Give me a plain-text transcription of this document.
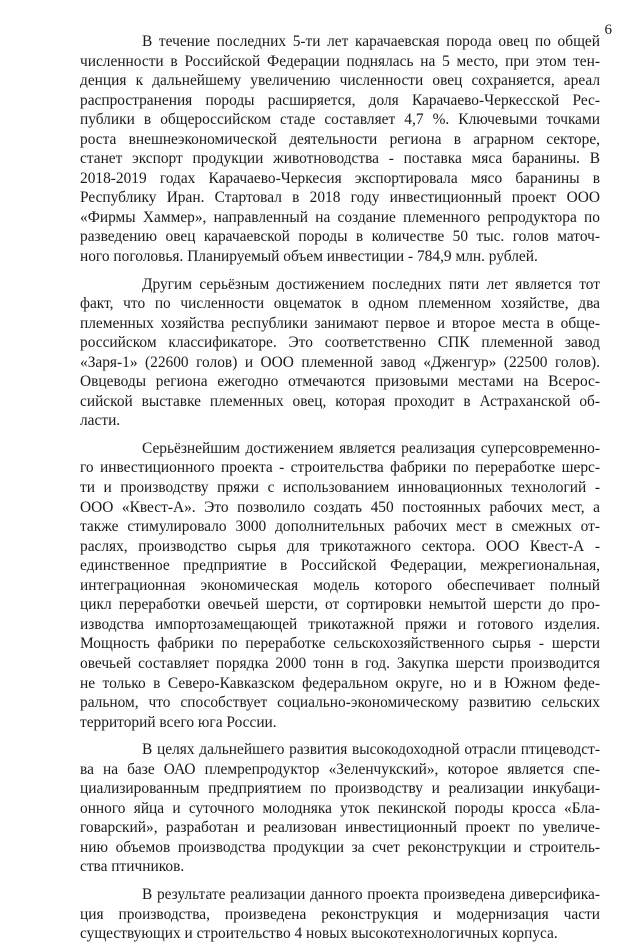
6
В течение последних 5-ти лет карачаевская порода овец по общей
численности в Российской Федерации поднялась на 5 место, при этом тен-
денция к дальнейшему увеличению численности овец сохраняется, ареал
распространения породы расширяется, доля Карачаево-Черкесской Рес-
публики в общероссийском стаде составляет 4,7 %. Ключевыми точками
роста внешнеэкономической деятельности региона в аграрном секторе,
станет экспорт продукции животноводства - поставка мяса баранины. В
2018-2019 годах Карачаево-Черкесия экспортировала мясо баранины в
Республику Иран. Стартовал в 2018 году инвестиционный проект ООО
«Фирмы Хаммер», направленный на создание племенного репродуктора по
разведению овец карачаевской породы в количестве 50 тыс. голов маточ-
ного поголовья. Планируемый объем инвестиции - 784,9 млн. рублей.
Другим серьёзным достижением последних пяти лет является тот
факт, что по численности овцематок в одном племенном хозяйстве, два
племенных хозяйства республики занимают первое и второе места в обще-
российском классификаторе. Это соответственно СПК племенной завод
«Заря-1» (22600 голов) и ООО племенной завод «Дженгур» (22500 голов).
Овцеводы региона ежегодно отмечаются призовыми местами на Всерос-
сийской выставке племенных овец, которая проходит в Астраханской об-
ласти.
Серьёзнейшим достижением является реализация суперсовременно-
го инвестиционного проекта - строительства фабрики по переработке шерс-
ти и производству пряжи с использованием инновационных технологий -
ООО «Квест-А». Это позволило создать 450 постоянных рабочих мест, а
также стимулировало 3000 дополнительных рабочих мест в смежных от-
раслях, производство сырья для трикотажного сектора. ООО Квест-А -
единственное предприятие в Российской Федерации, межрегиональная,
интеграционная экономическая модель которого обеспечивает полный
цикл переработки овечьей шерсти, от сортировки немытой шерсти до про-
изводства импортозамещающей трикотажной пряжи и готового изделия.
Мощность фабрики по переработке сельскохозяйственного сырья - шерсти
овечьей составляет порядка 2000 тонн в год. Закупка шерсти производится
не только в Северо-Кавказском федеральном округе, но и в Южном феде-
ральном, что способствует социально-экономическому развитию сельских
территорий всего юга России.
В целях дальнейшего развития высокодоходной отрасли птицеводст-
ва на базе ОАО племрепродуктор «Зеленчукский», которое является спе-
циализированным предприятием по производству и реализации инкубаци-
онного яйца и суточного молодняка уток пекинской породы кросса «Бла-
говарский», разработан и реализован инвестиционный проект по увеличе-
нию объемов производства продукции за счет реконструкции и строитель-
ства птичников.
В результате реализации данного проекта произведена диверсифика-
ция производства, произведена реконструкция и модернизация части
существующих и строительство 4 новых высокотехнологичных корпуса.
